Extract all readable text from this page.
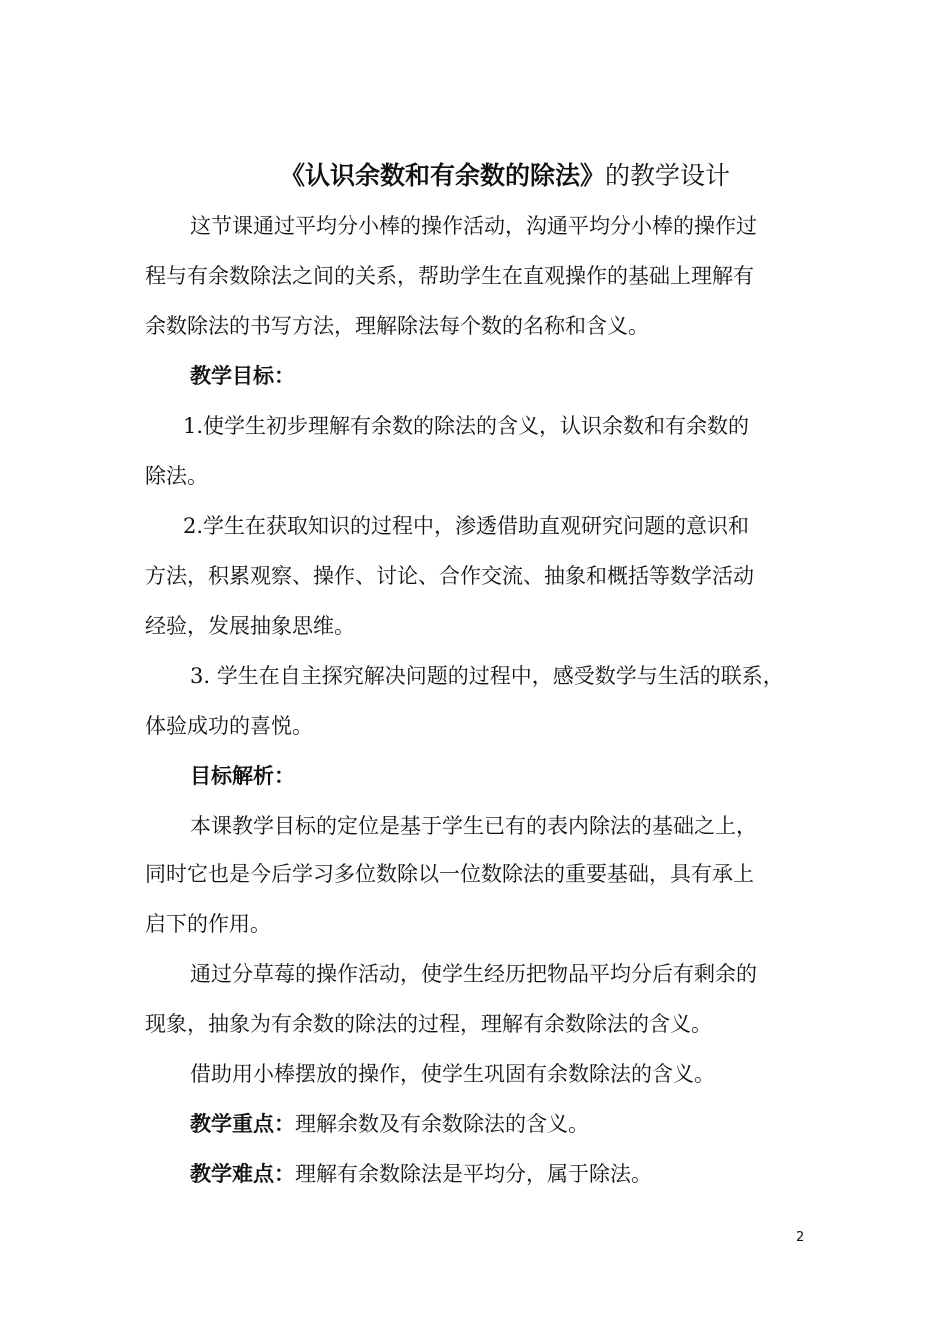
《认识余数和有余数的除法》的教学设计
这节课通过平均分小棒的操作活动，沟通平均分小棒的操作过
程与有余数除法之间的关系，帮助学生在直观操作的基础上理解有
余数除法的书写方法，理解除法每个数的名称和含义。
教学目标：
1.使学生初步理解有余数的除法的含义，认识余数和有余数的
除法。
2.学生在获取知识的过程中，渗透借助直观研究问题的意识和
方法，积累观察、操作、讨论、合作交流、抽象和概括等数学活动
经验，发展抽象思维。
3. 学生在自主探究解决问题的过程中，感受数学与生活的联系，
体验成功的喜悦。
目标解析：
本课教学目标的定位是基于学生已有的表内除法的基础之上，
同时它也是今后学习多位数除以一位数除法的重要基础，具有承上
启下的作用。
通过分草莓的操作活动，使学生经历把物品平均分后有剩余的
现象，抽象为有余数的除法的过程，理解有余数除法的含义。
借助用小棒摆放的操作，使学生巩固有余数除法的含义。
教学重点：理解余数及有余数除法的含义。
教学难点：理解有余数除法是平均分，属于除法。
2
